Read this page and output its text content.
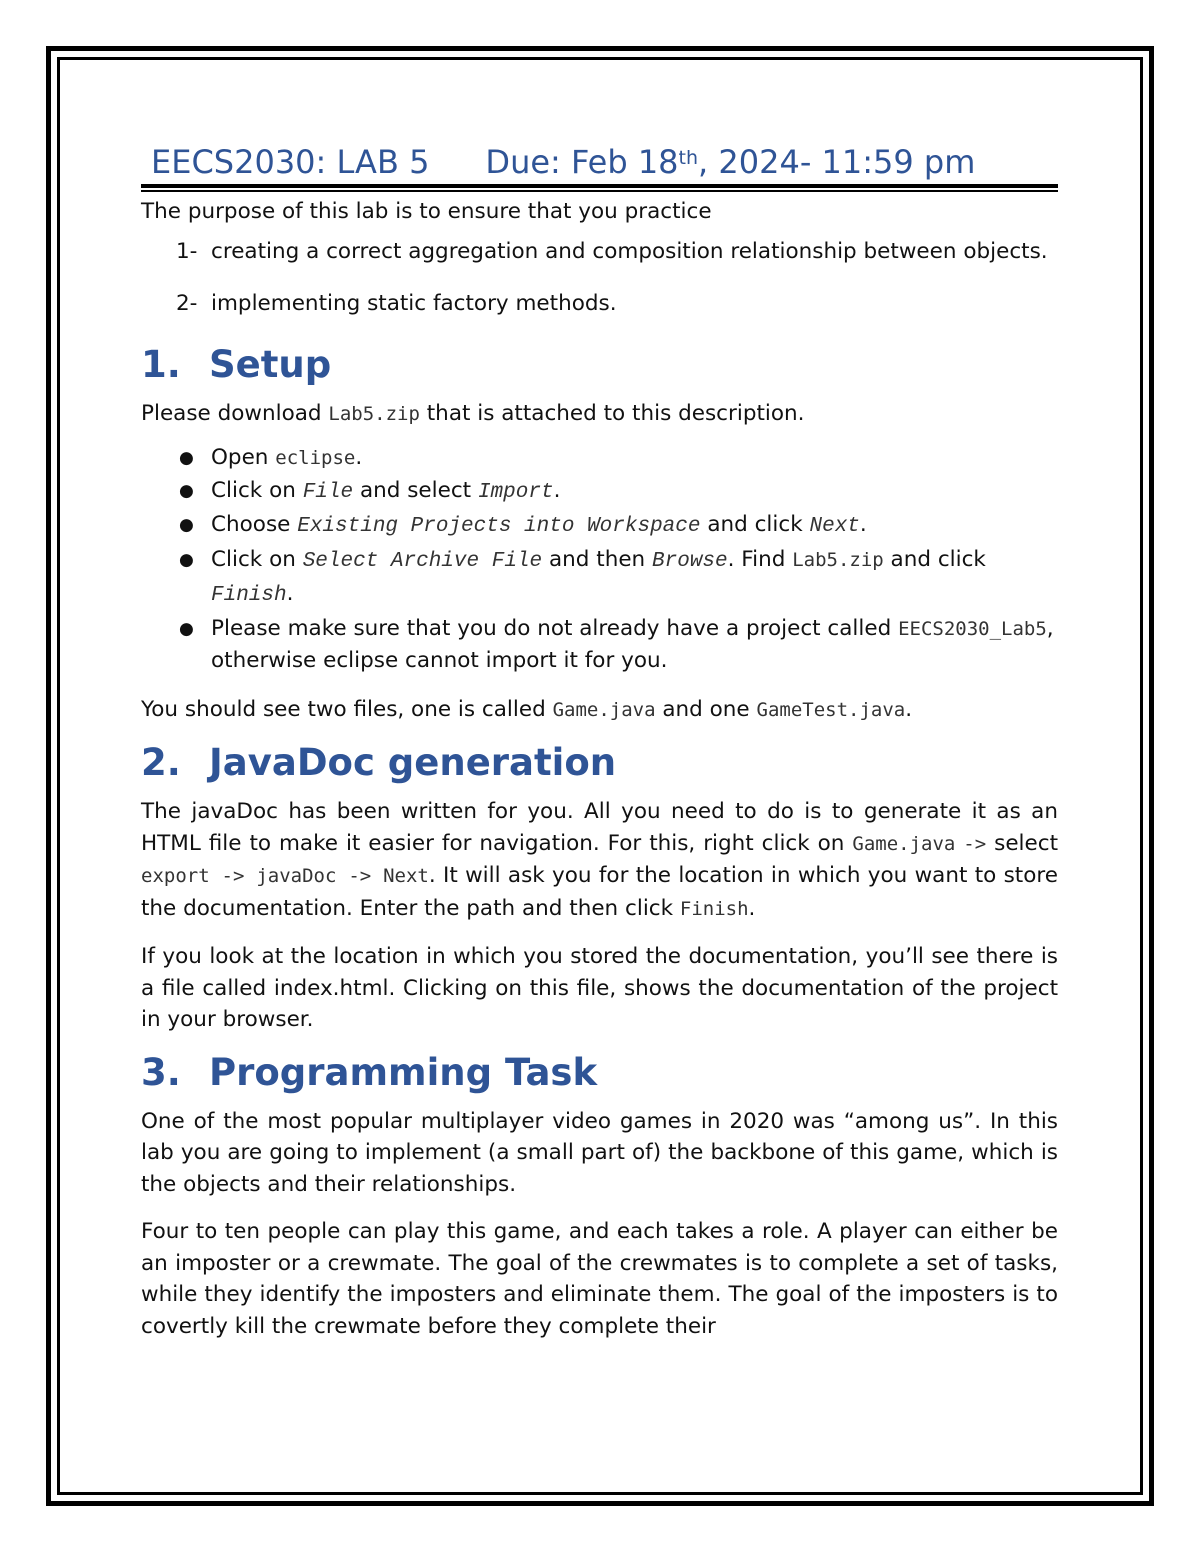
EECS2030: LAB 5 Due: Feb 18th, 2024- 11:59 pm

The purpose of this lab is to ensure that you practice

1- creating a correct aggregation and composition relationship between objects.
2- implementing static factory methods.
1. Setup

Please download Lab5.zip that is attached to this description.

● Open eclipse.
● Click on File and select Import.
● Choose Existing Projects into Workspace and click Next.
● Click on Select Archive File and then Browse. Find Lab5.zip and click Finish.
● Please make sure that you do not already have a project called EECS2030_Lab5, otherwise eclipse cannot import it for you.

You should see two files, one is called Game.java and one GameTest.java.

2. JavaDoc generation

The javaDoc has been written for you. All you need to do is to generate it as an HTML file to make it easier for navigation. For this, right click on Game.java -> select export -> javaDoc -> Next. It will ask you for the location in which you want to store the documentation. Enter the path and then click Finish.

If you look at the location in which you stored the documentation, you’ll see there is a file called index.html. Clicking on this file, shows the documentation of the project in your browser.

3. Programming Task

One of the most popular multiplayer video games in 2020 was “among us”. In this lab you are going to implement (a small part of) the backbone of this game, which is the objects and their relationships.

Four to ten people can play this game, and each takes a role. A player can either be an imposter or a crewmate. The goal of the crewmates is to complete a set of tasks, while they identify the imposters and eliminate them. The goal of the imposters is to covertly kill the crewmate before they complete their
